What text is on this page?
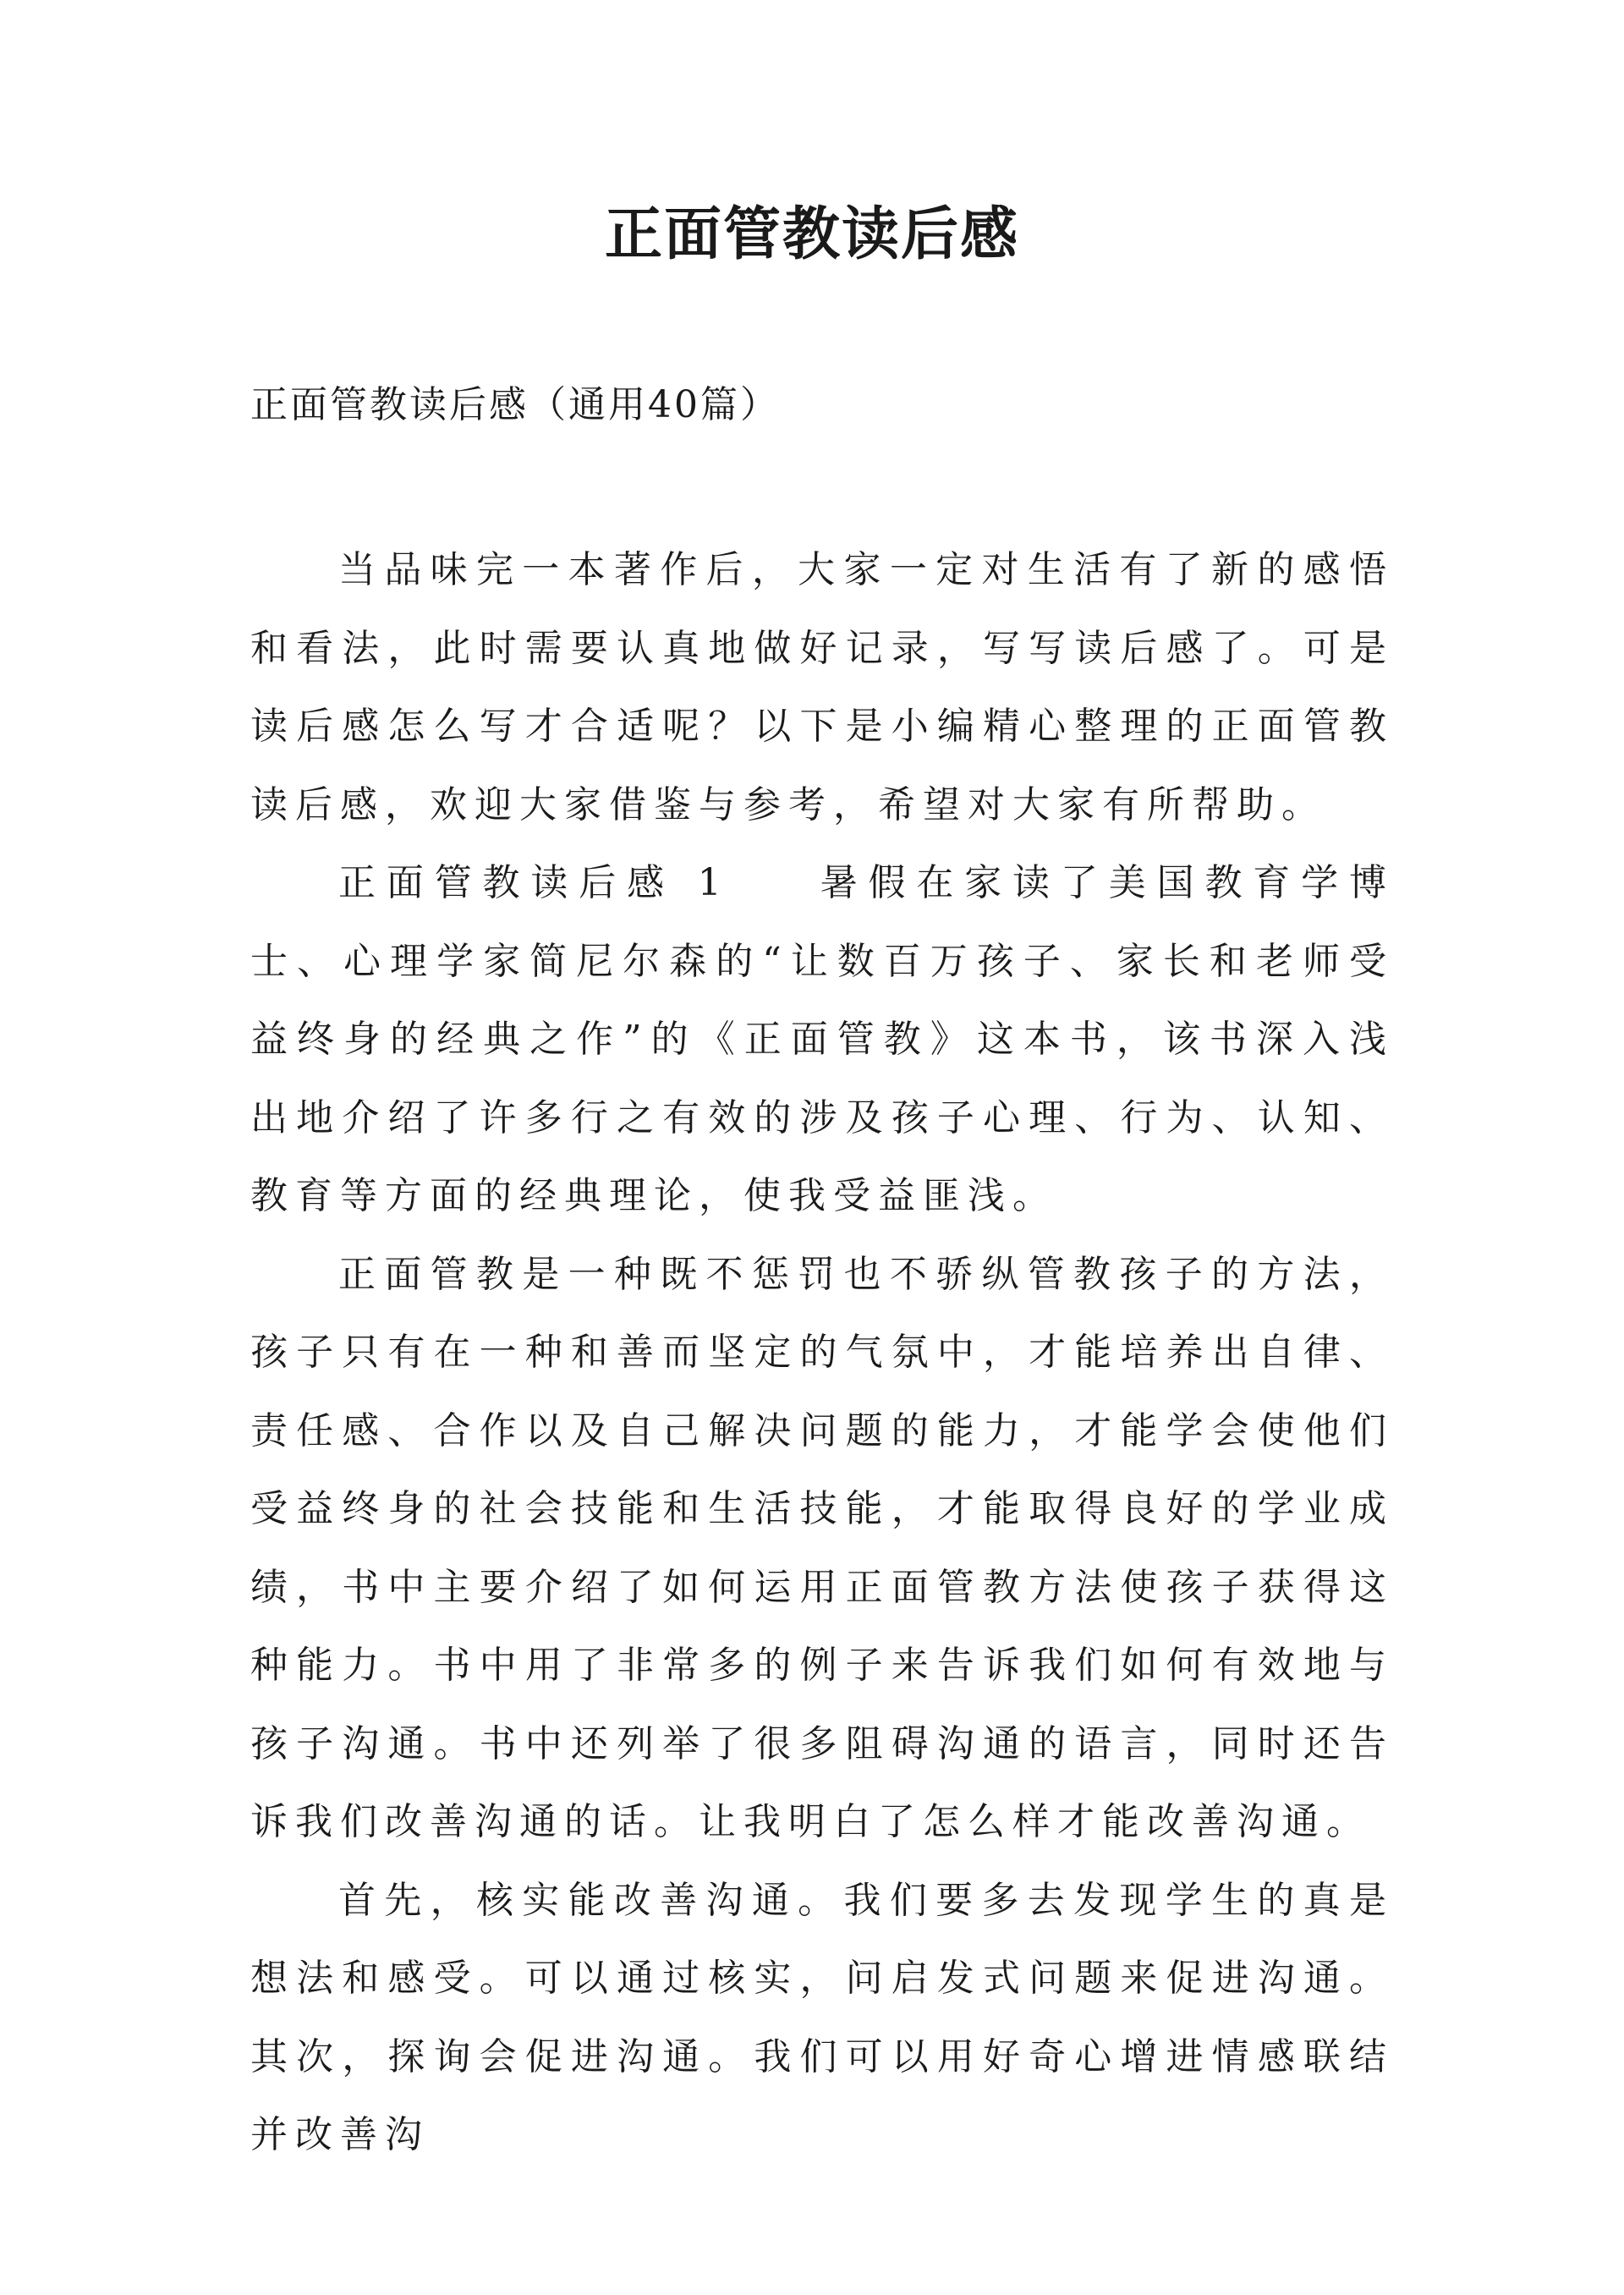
正面管教读后感

正面管教读后感（通用40篇）

当品味完一本著作后，大家一定对生活有了新的感悟和看法，此时需要认真地做好记录，写写读后感了。可是读后感怎么写才合适呢？以下是小编精心整理的正面管教读后感，欢迎大家借鉴与参考，希望对大家有所帮助。

正面管教读后感 1 暑假在家读了美国教育学博士、心理学家简尼尔森的“让数百万孩子、家长和老师受益终身的经典之作”的《正面管教》这本书，该书深入浅出地介绍了许多行之有效的涉及孩子心理、行为、认知、教育等方面的经典理论，使我受益匪浅。

正面管教是一种既不惩罚也不骄纵管教孩子的方法，孩子只有在一种和善而坚定的气氛中，才能培养出自律、责任感、合作以及自己解决问题的能力，才能学会使他们受益终身的社会技能和生活技能，才能取得良好的学业成绩，书中主要介绍了如何运用正面管教方法使孩子获得这种能力。书中用了非常多的例子来告诉我们如何有效地与孩子沟通。书中还列举了很多阻碍沟通的语言，同时还告诉我们改善沟通的话。让我明白了怎么样才能改善沟通。

首先，核实能改善沟通。我们要多去发现学生的真是想法和感受。可以通过核实，问启发式问题来促进沟通。其次，探询会促进沟通。我们可以用好奇心增进情感联结并改善沟
